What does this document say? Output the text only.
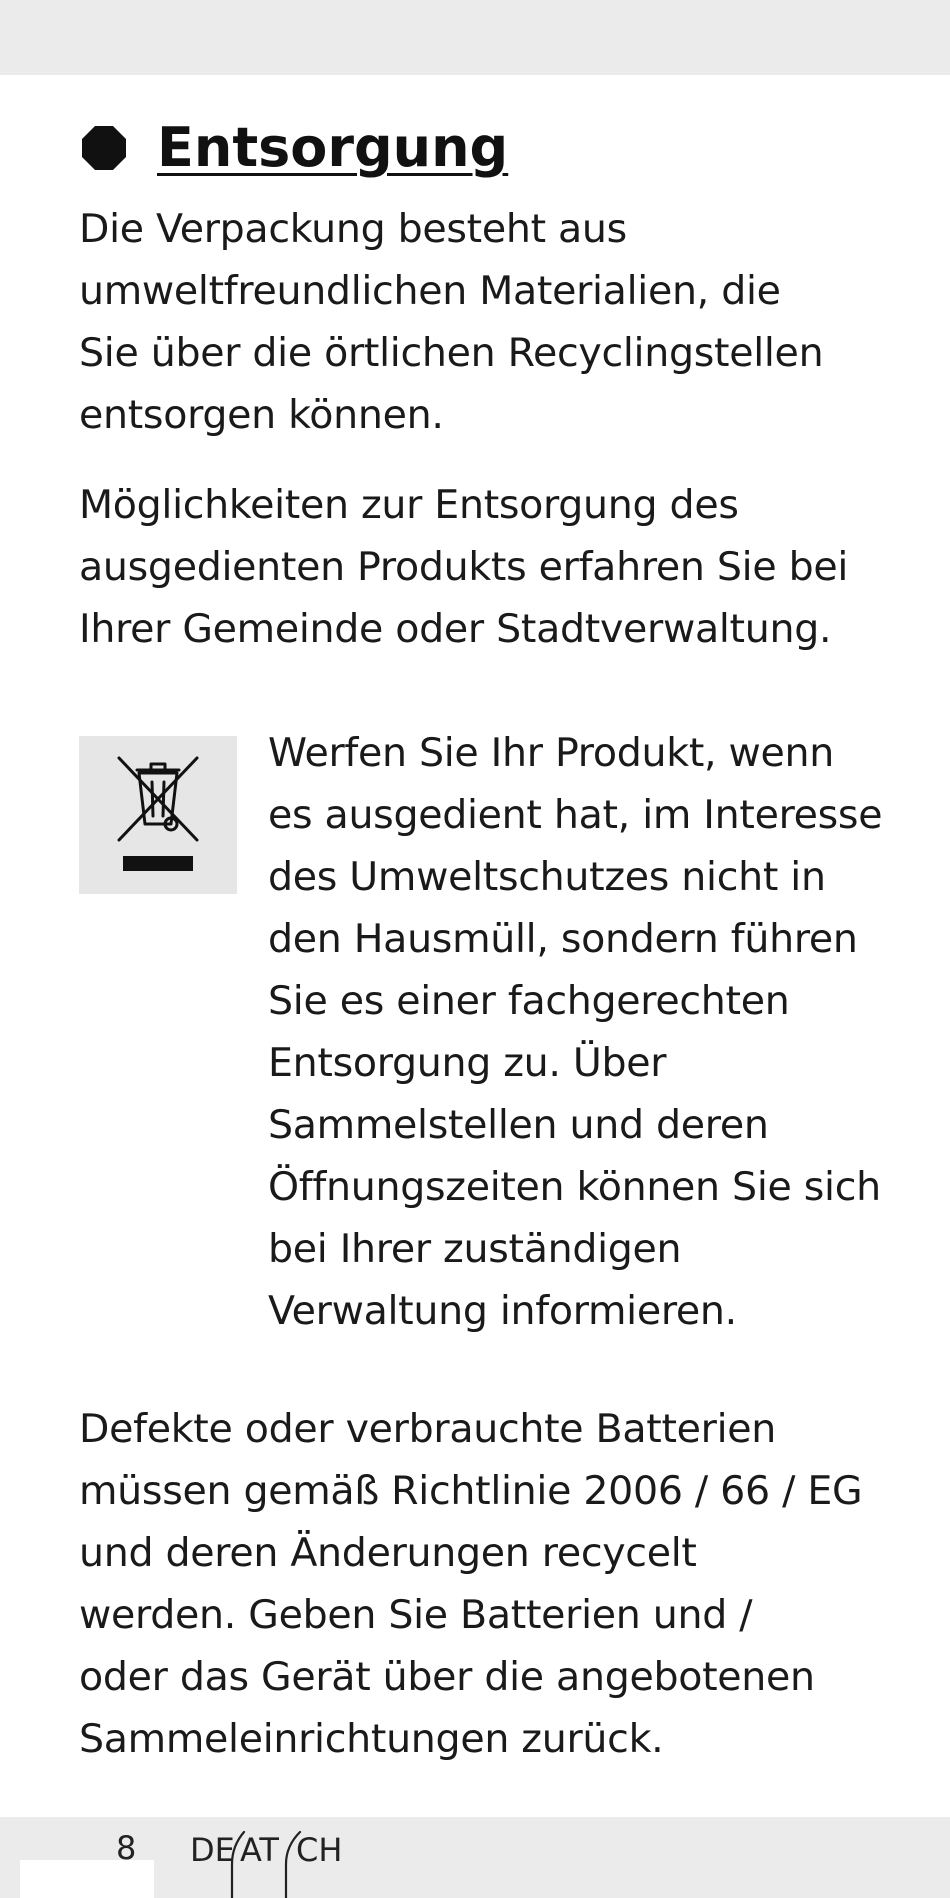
Entsorgung

Die Verpackung besteht aus
umweltfreundlichen Materialien, die
Sie über die örtlichen Recyclingstellen
entsorgen können.

Möglichkeiten zur Entsorgung des
ausgedienten Produkts erfahren Sie bei
Ihrer Gemeinde oder Stadtverwaltung.

Werfen Sie Ihr Produkt, wenn
es ausgedient hat, im Interesse
des Umweltschutzes nicht in
den Hausmüll, sondern führen
Sie es einer fachgerechten
Entsorgung zu. Über
Sammelstellen und deren
Öffnungszeiten können Sie sich
bei Ihrer zuständigen
Verwaltung informieren.

Defekte oder verbrauchte Batterien
müssen gemäß Richtlinie 2006 / 66 / EG
und deren Änderungen recycelt
werden. Geben Sie Batterien und /
oder das Gerät über die angebotenen
Sammeleinrichtungen zurück.

8 DE AT CH
